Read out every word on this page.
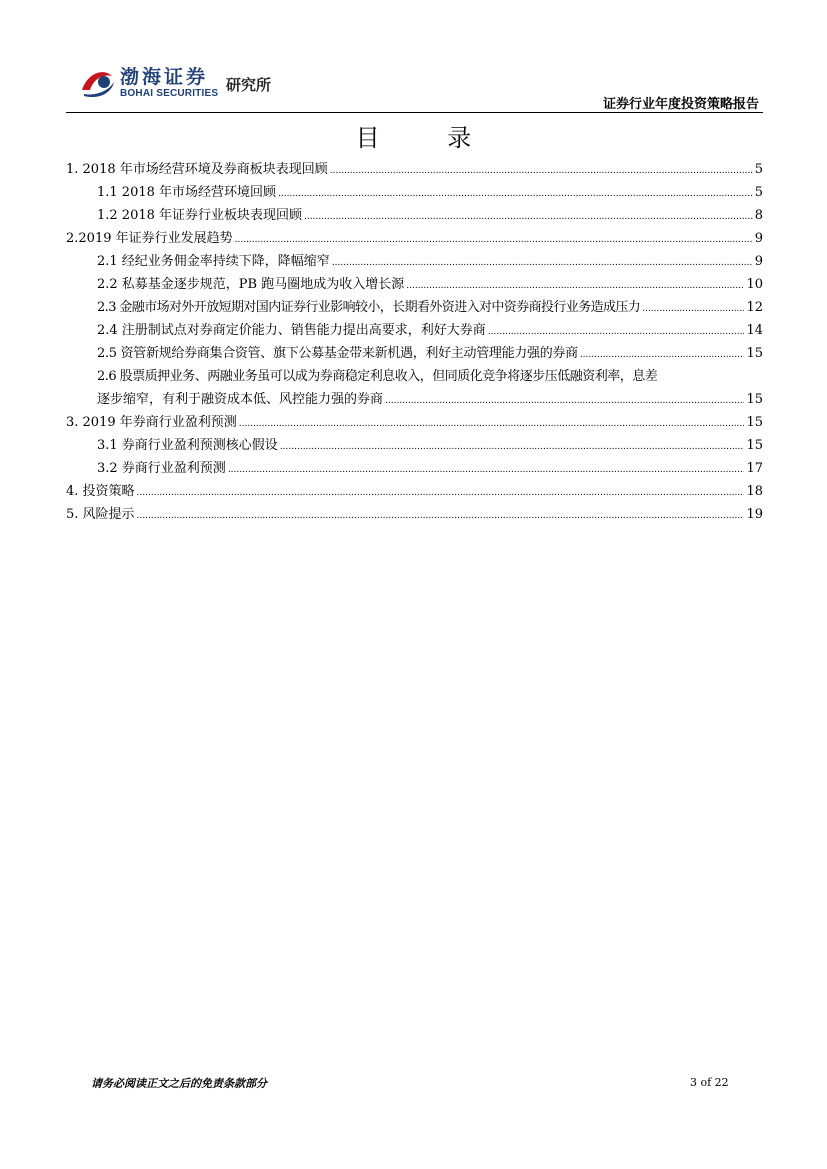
渤海证券
BOHAI SECURITIES 研究所
证券行业年度投资策略报告
目 录
1. 2018 年市场经营环境及券商板块表现回顾 .....	5
1.1 2018 年市场经营环境回顾 .....	5
1.2 2018 年证券行业板块表现回顾 .....	8
2.2019 年证券行业发展趋势 .....	9
2.1 经纪业务佣金率持续下降，降幅缩窄 .....	9
2.2 私募基金逐步规范，PB 跑马圈地成为收入增长源 .....	10
2.3 金融市场对外开放短期对国内证券行业影响较小，长期看外资进入对中资券商投行业务造成压力 .....	12
2.4 注册制试点对券商定价能力、销售能力提出高要求，利好大券商 .....	14
2.5 资管新规给券商集合资管、旗下公募基金带来新机遇，利好主动管理能力强的券商 .....	15
2.6 股票质押业务、两融业务虽可以成为券商稳定利息收入，但同质化竞争将逐步压低融资利率，息差
逐步缩窄，有利于融资成本低、风控能力强的券商 .....	15
3. 2019 年券商行业盈利预测 .....	15
3.1 券商行业盈利预测核心假设 .....	15
3.2 券商行业盈利预测 .....	17
4. 投资策略 .....	18
5. 风险提示 .....	19
请务必阅读正文之后的免责条款部分	3 of 22
